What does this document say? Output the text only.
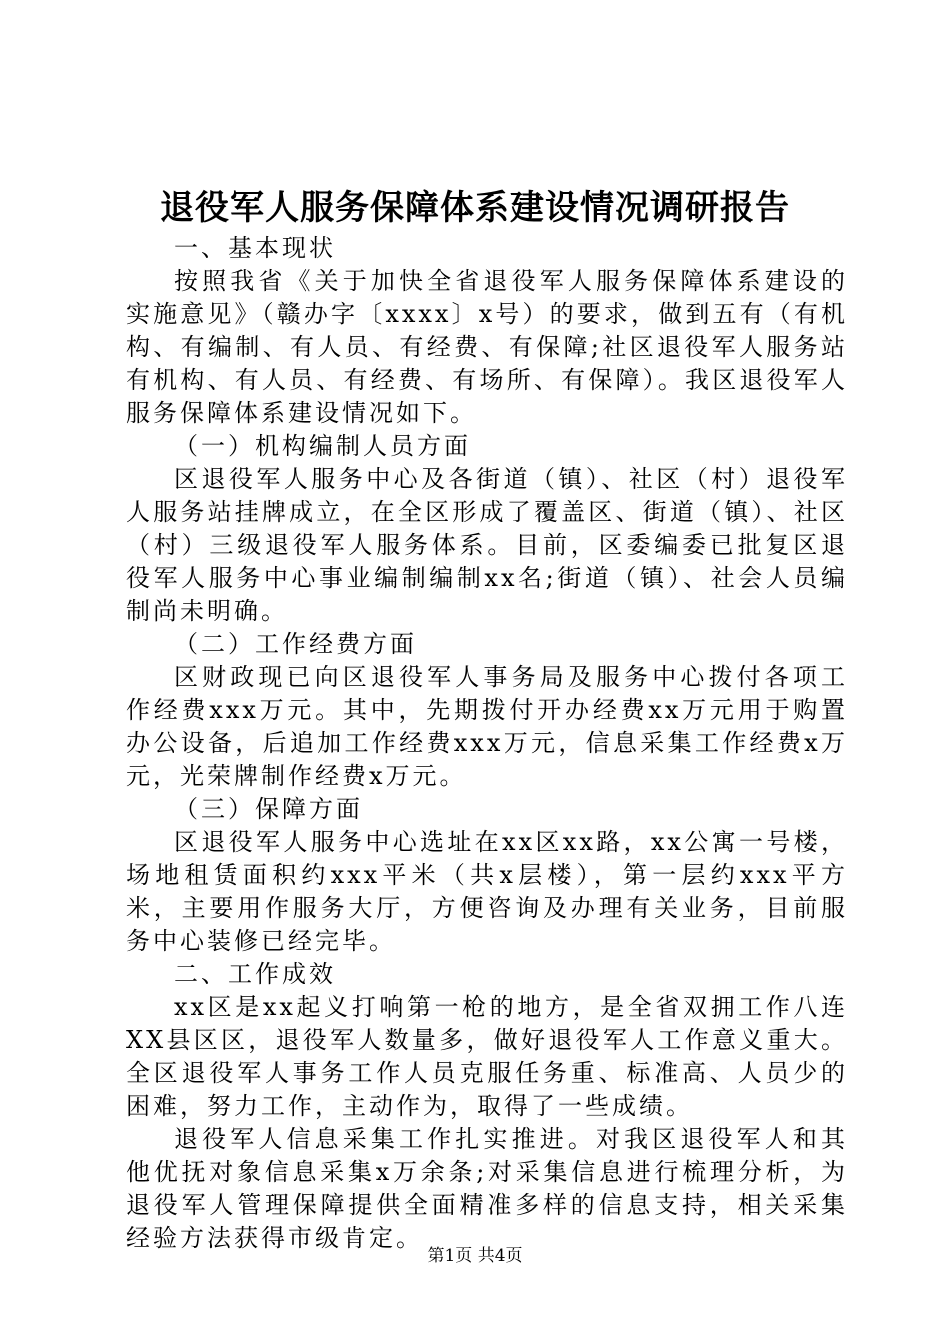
退役军人服务保障体系建设情况调研报告

一、基本现状

按照我省《关于加快全省退役军人服务保障体系建设的实施意见》（赣办字〔xxxx〕x号）的要求，做到五有（有机构、有编制、有人员、有经费、有保障;社区退役军人服务站有机构、有人员、有经费、有场所、有保障）。我区退役军人服务保障体系建设情况如下。

（一）机构编制人员方面

区退役军人服务中心及各街道（镇）、社区（村）退役军人服务站挂牌成立，在全区形成了覆盖区、街道（镇）、社区（村）三级退役军人服务体系。目前，区委编委已批复区退役军人服务中心事业编制编制xx名;街道（镇）、社会人员编制尚未明确。

（二）工作经费方面

区财政现已向区退役军人事务局及服务中心拨付各项工作经费xxx万元。其中，先期拨付开办经费xx万元用于购置办公设备，后追加工作经费xxx万元，信息采集工作经费x万元，光荣牌制作经费x万元。

（三）保障方面

区退役军人服务中心选址在xx区xx路，xx公寓一号楼，场地租赁面积约xxx平米（共x层楼），第一层约xxx平方米，主要用作服务大厅，方便咨询及办理有关业务，目前服务中心装修已经完毕。

二、工作成效

xx区是xx起义打响第一枪的地方，是全省双拥工作八连XX县区区，退役军人数量多，做好退役军人工作意义重大。全区退役军人事务工作人员克服任务重、标准高、人员少的困难，努力工作，主动作为，取得了一些成绩。

退役军人信息采集工作扎实推进。对我区退役军人和其他优抚对象信息采集x万余条;对采集信息进行梳理分析，为退役军人管理保障提供全面精准多样的信息支持，相关采集经验方法获得市级肯定。

第1页 共4页
